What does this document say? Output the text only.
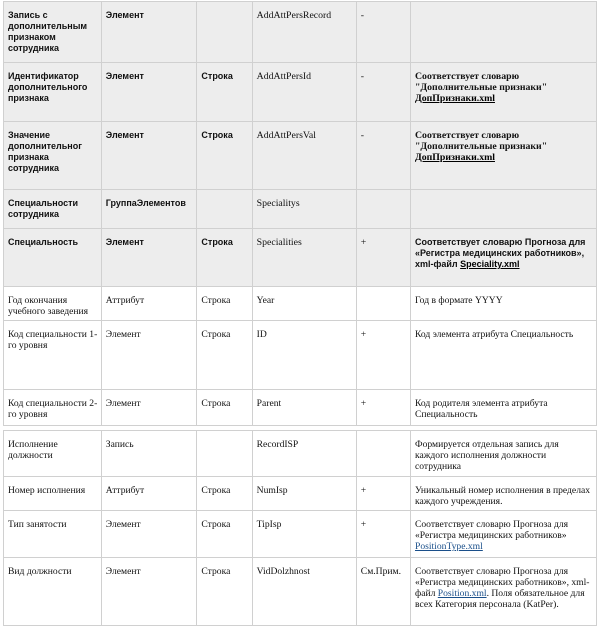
Запись с дополнительным признаком сотрудника	Элемент		AddAttPersRecord	-	
Идентификатор дополнительного признака	Элемент	Строка	AddAttPersId	-	Соответствует словарю "Дополнительные признаки" ДопПризнаки.xml
Значение дополнительног признака сотрудника	Элемент	Строка	AddAttPersVal	-	Соответствует словарю "Дополнительные признаки" ДопПризнаки.xml
Специальности сотрудника	ГруппаЭлементов		Specialitys		
Специальность	Элемент	Строка	Specialities	+	Соответствует словарю Прогноза для «Регистра медицинских работников», xml-файл Speciality.xml
Год окончания учебного заведения	Аттрибут	Строка	Year		Год в формате YYYY
Код специальности 1-го уровня	Элемент	Строка	ID	+	Код элемента атрибута Специальность
Код специальности 2-го уровня	Элемент	Строка	Parent	+	Код родителя элемента атрибута Специальность

Исполнение должности	Запись		RecordISP		Формируется отдельная запись для каждого исполнения должности сотрудника
Номер исполнения	Аттрибут	Строка	NumIsp	+	Уникальный номер исполнения в пределах каждого учреждения.
Тип занятости	Элемент	Строка	TipIsp	+	Соответствует словарю Прогноза для «Регистра медицинских работников» PositionType.xml
Вид должности	Элемент	Строка	VidDolzhnost	См.Прим.	Соответствует словарю Прогноза для «Регистра медицинских работников», xml-файл Position.xml. Поля обязательное для всех Категория персонала (KatPer).
